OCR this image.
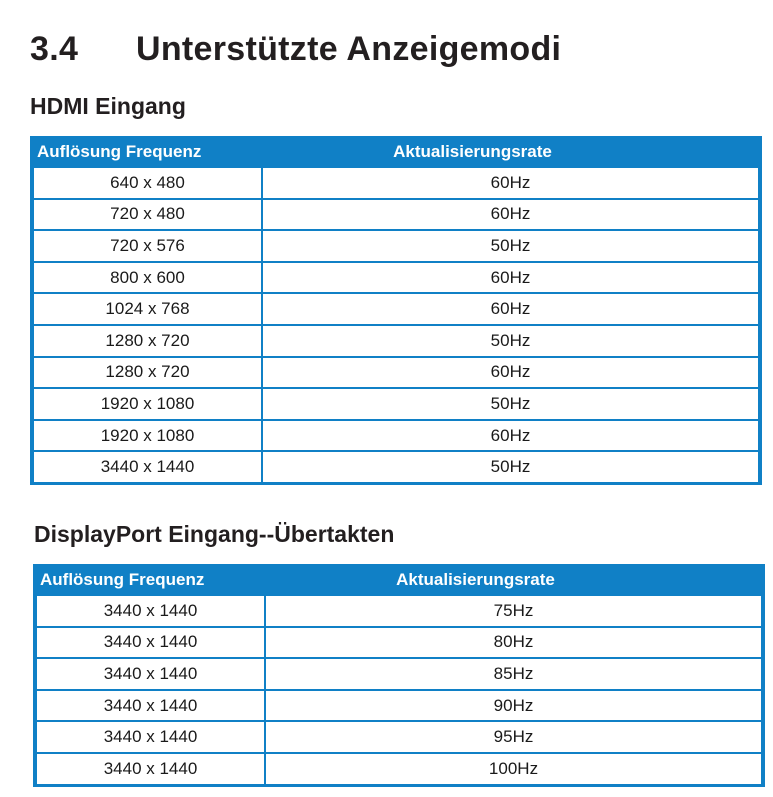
3.4 Unterstützte Anzeigemodi
HDMI Eingang
Auflösung Frequenz	Aktualisierungsrate
640 x 480	60Hz
720 x 480	60Hz
720 x 576	50Hz
800 x 600	60Hz
1024 x 768	60Hz
1280 x 720	50Hz
1280 x 720	60Hz
1920 x 1080	50Hz
1920 x 1080	60Hz
3440 x 1440	50Hz
DisplayPort Eingang--Übertakten
Auflösung Frequenz	Aktualisierungsrate
3440 x 1440	75Hz
3440 x 1440	80Hz
3440 x 1440	85Hz
3440 x 1440	90Hz
3440 x 1440	95Hz
3440 x 1440	100Hz
